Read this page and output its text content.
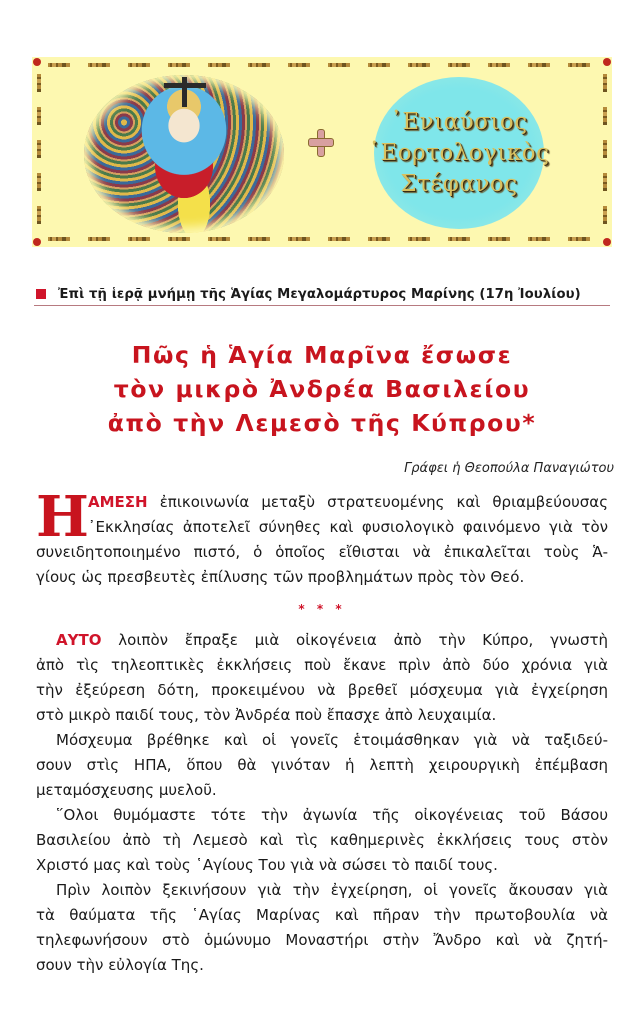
᾿Ενιαύσιος
῾Εορτολογικὸς
Στέφανος
Ἐπὶ τῇ ἱερᾷ μνήμῃ τῆς Ἁγίας Μεγαλομάρτυρος Μαρίνης (17η Ἰουλίου)
Πῶς ἡ Ἁγία Μαρῖνα ἔσωσε
τὸν μικρὸ Ἀνδρέα Βασιλείου
ἀπὸ τὴν Λεμεσὸ τῆς Κύπρου*
Γράφει ἡ Θεοπούλα Παναγιώτου
Η ΑΜΕΣΗ ἐπικοινωνία μεταξὺ στρατευομένης καὶ θριαμβεύουσας
᾿Εκκλησίας ἀποτελεῖ σύνηθες καὶ φυσιολογικὸ φαινόμενο γιὰ τὸν
συνειδητοποιημένο πιστό, ὁ ὁποῖος εἴθισται νὰ ἐπικαλεῖται τοὺς Ἁ-
γίους ὡς πρεσβευτὲς ἐπίλυσης τῶν προβλημάτων πρὸς τὸν Θεό.
* * *
ΑΥΤΟ λοιπὸν ἔπραξε μιὰ οἰκογένεια ἀπὸ τὴν Κύπρο, γνωστὴ
ἀπὸ τὶς τηλεοπτικὲς ἐκκλήσεις ποὺ ἔκανε πρὶν ἀπὸ δύο χρόνια γιὰ
τὴν ἐξεύρεση δότη, προκειμένου νὰ βρεθεῖ μόσχευμα γιὰ ἐγχείρηση
στὸ μικρὸ παιδί τους, τὸν Ἀνδρέα ποὺ ἔπασχε ἀπὸ λευχαιμία.
Μόσχευμα βρέθηκε καὶ οἱ γονεῖς ἑτοιμάσθηκαν γιὰ νὰ ταξιδεύ-
σουν στὶς ΗΠΑ, ὅπου θὰ γινόταν ἡ λεπτὴ χειρουργικὴ ἐπέμβαση
μεταμόσχευσης μυελοῦ.
῞Ολοι θυμόμαστε τότε τὴν ἀγωνία τῆς οἰκογένειας τοῦ Βάσου
Βασιλείου ἀπὸ τὴ Λεμεσὸ καὶ τὶς καθημερινὲς ἐκκλήσεις τους στὸν
Χριστό μας καὶ τοὺς ῾Αγίους Του γιὰ νὰ σώσει τὸ παιδί τους.
Πρὶν λοιπὸν ξεκινήσουν γιὰ τὴν ἐγχείρηση, οἱ γονεῖς ἄκουσαν γιὰ
τὰ θαύματα τῆς ῾Αγίας Μαρίνας καὶ πῆραν τὴν πρωτοβουλία νὰ
τηλεφωνήσουν στὸ ὁμώνυμο Μοναστήρι στὴν Ἄνδρο καὶ νὰ ζητή-
σουν τὴν εὐλογία Της.
